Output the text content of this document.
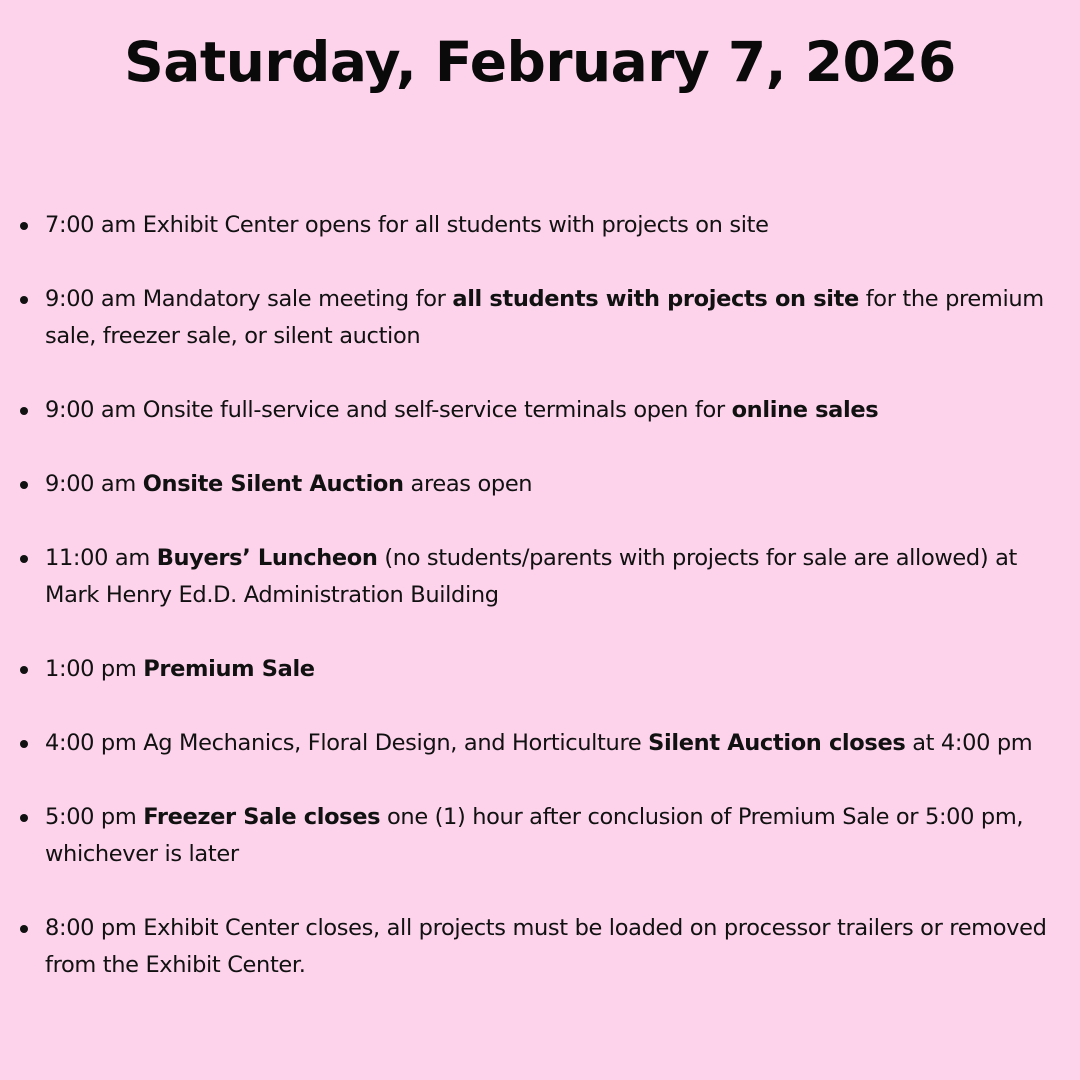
Saturday, February 7, 2026
7:00 am Exhibit Center opens for all students with projects on site
9:00 am Mandatory sale meeting for all students with projects on site for the premium sale, freezer sale, or silent auction
9:00 am Onsite full-service and self-service terminals open for online sales
9:00 am Onsite Silent Auction areas open
11:00 am Buyers’ Luncheon (no students/parents with projects for sale are allowed) at Mark Henry Ed.D. Administration Building
1:00 pm Premium Sale
4:00 pm Ag Mechanics, Floral Design, and Horticulture Silent Auction closes at 4:00 pm
5:00 pm Freezer Sale closes one (1) hour after conclusion of Premium Sale or 5:00 pm, whichever is later
8:00 pm Exhibit Center closes, all projects must be loaded on processor trailers or removed from the Exhibit Center.
